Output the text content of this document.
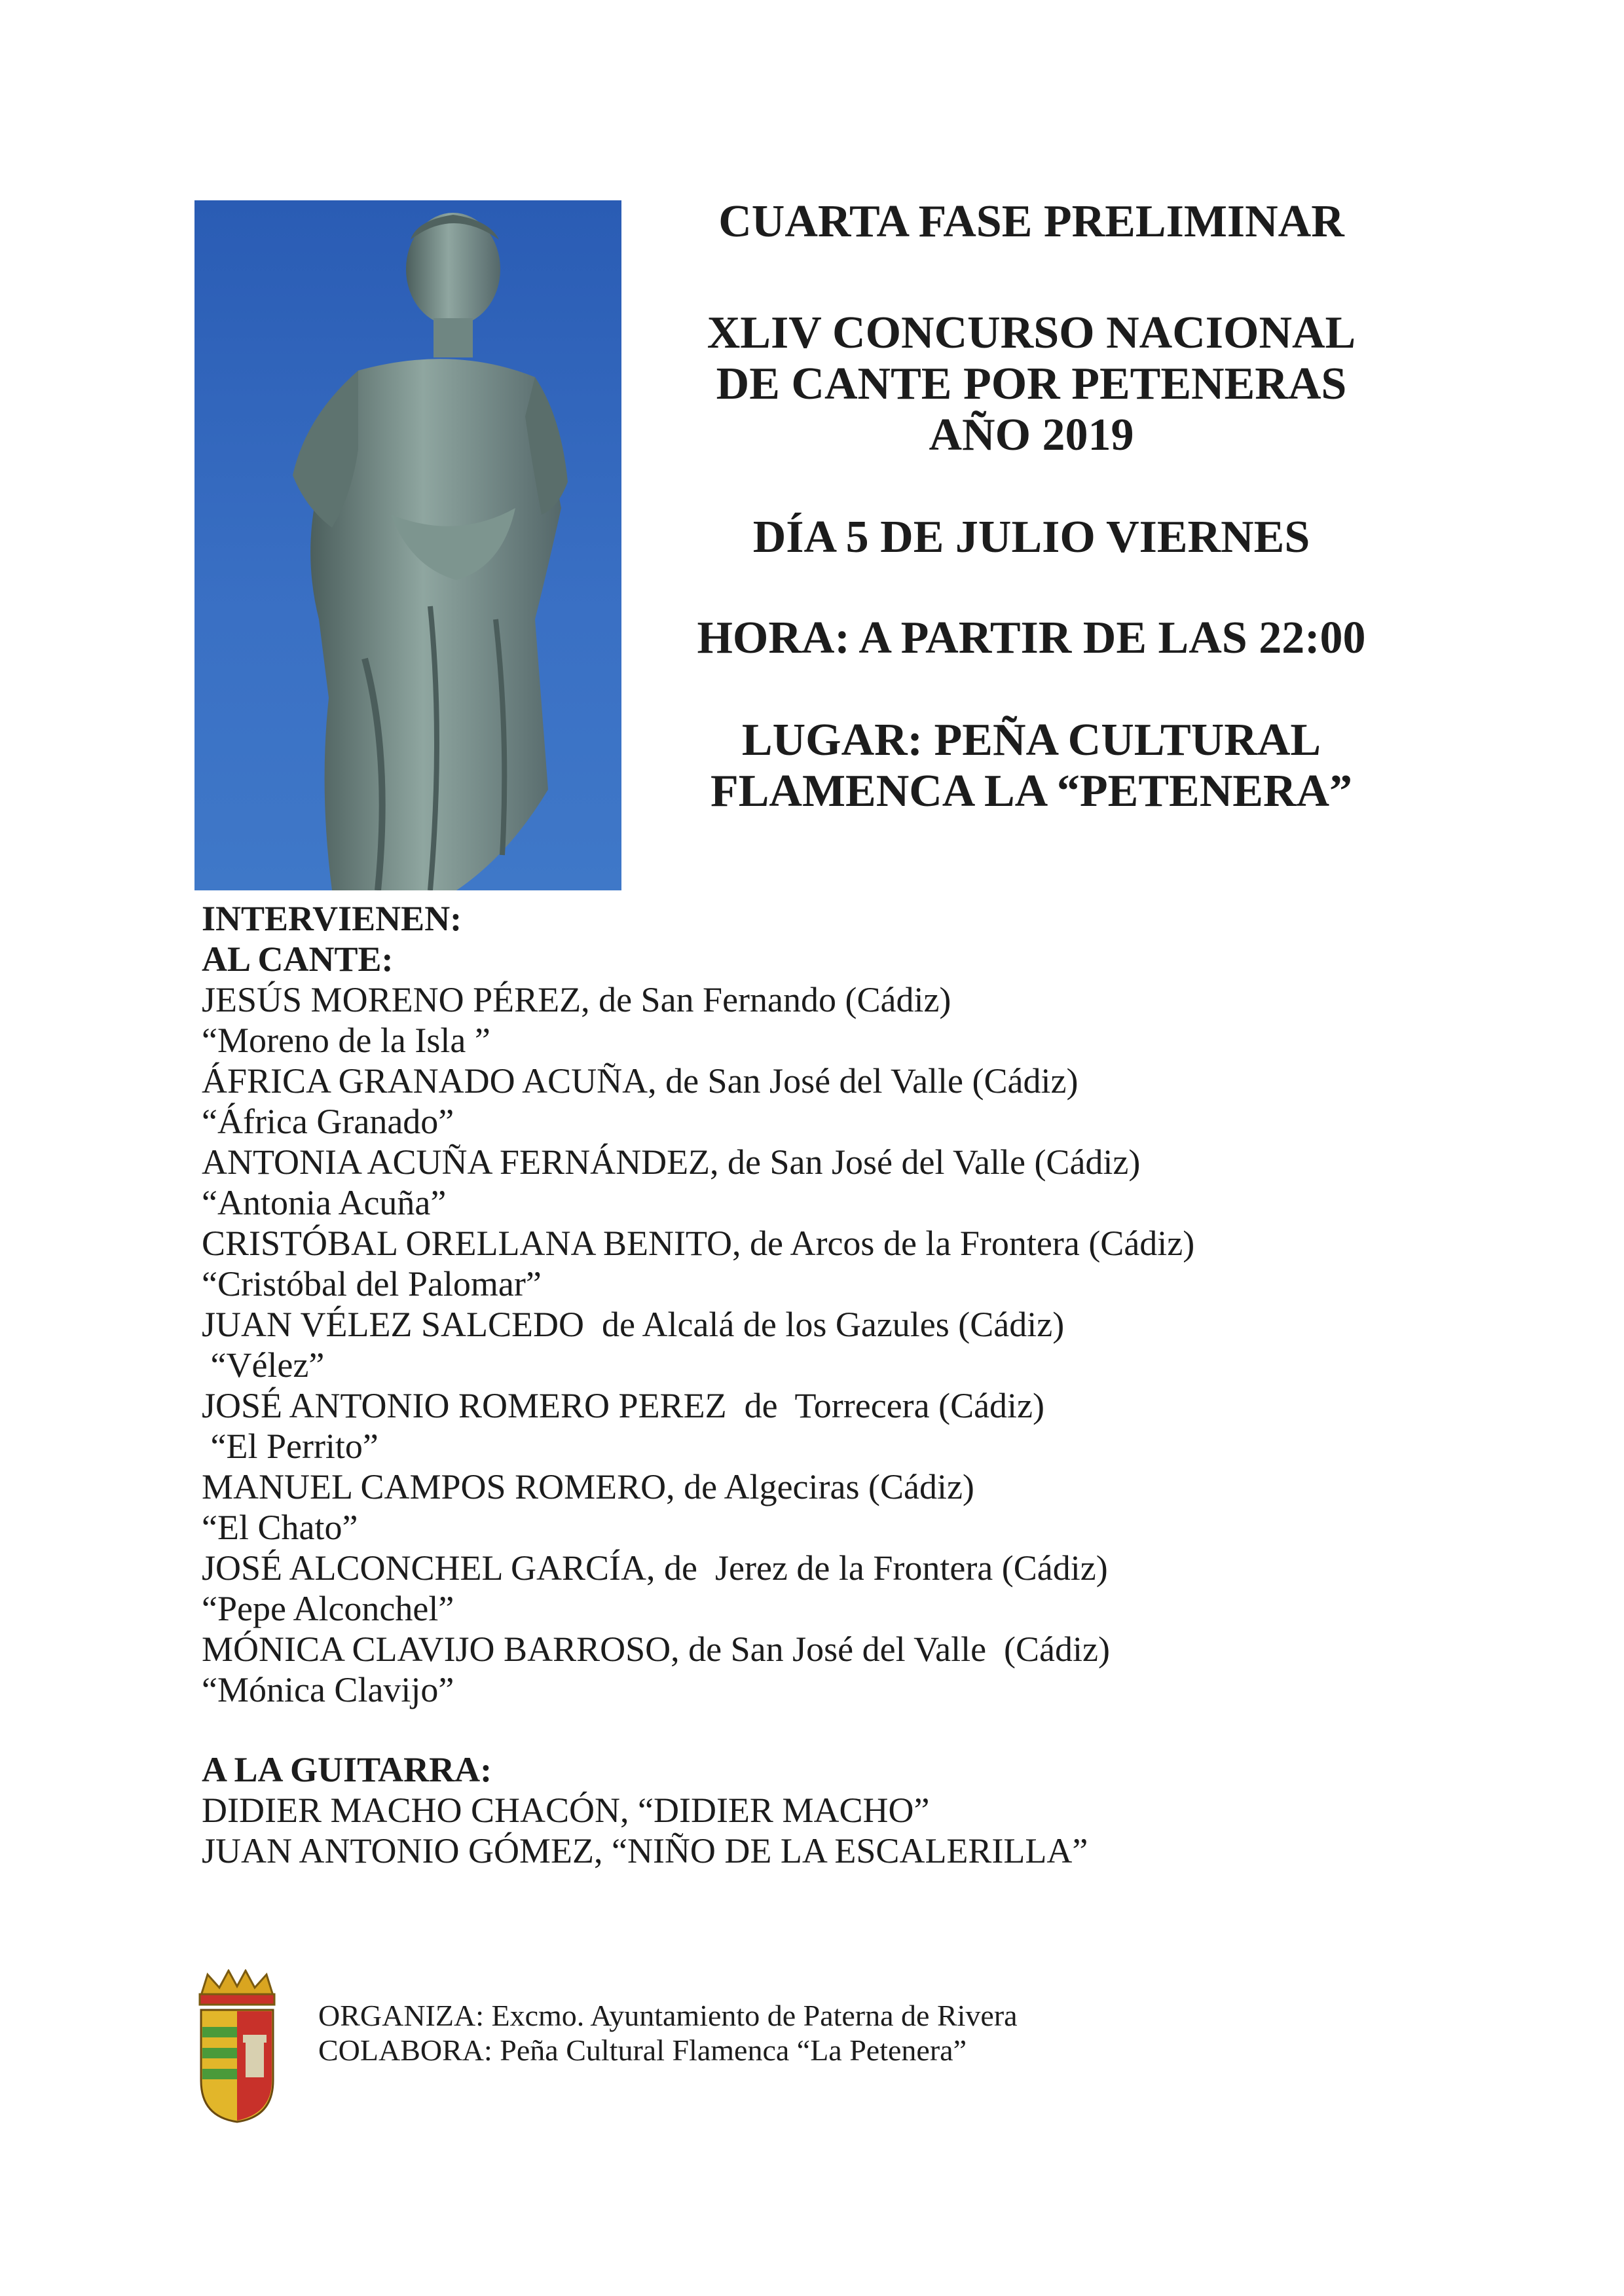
CUARTA FASE PRELIMINAR

XLIV CONCURSO NACIONAL

DE CANTE POR PETENERAS

AÑO 2019

DÍA 5 DE JULIO VIERNES

HORA: A PARTIR DE LAS 22:00

LUGAR: PEÑA CULTURAL

FLAMENCA LA “PETENERA”

INTERVIENEN:
AL CANTE:
JESÚS MORENO PÉREZ, de San Fernando (Cádiz)
“Moreno de la Isla ”
ÁFRICA GRANADO ACUÑA, de San José del Valle (Cádiz)
“África Granado”
ANTONIA ACUÑA FERNÁNDEZ, de San José del Valle (Cádiz)
“Antonia Acuña”
CRISTÓBAL ORELLANA BENITO, de Arcos de la Frontera (Cádiz)
“Cristóbal del Palomar”
JUAN VÉLEZ SALCEDO  de Alcalá de los Gazules (Cádiz)
“Vélez”
JOSÉ ANTONIO ROMERO PEREZ  de  Torrecera (Cádiz)
“El Perrito”
MANUEL CAMPOS ROMERO, de Algeciras (Cádiz)
“El Chato”
JOSÉ ALCONCHEL GARCÍA, de  Jerez de la Frontera (Cádiz)
“Pepe Alconchel”
MÓNICA CLAVIJO BARROSO, de San José del Valle  (Cádiz)
“Mónica Clavijo”
A LA GUITARRA:
DIDIER MACHO CHACÓN, “DIDIER MACHO”
JUAN ANTONIO GÓMEZ, “NIÑO DE LA ESCALERILLA”
ORGANIZA: Excmo. Ayuntamiento de Paterna de Rivera
COLABORA: Peña Cultural Flamenca “La Petenera”
